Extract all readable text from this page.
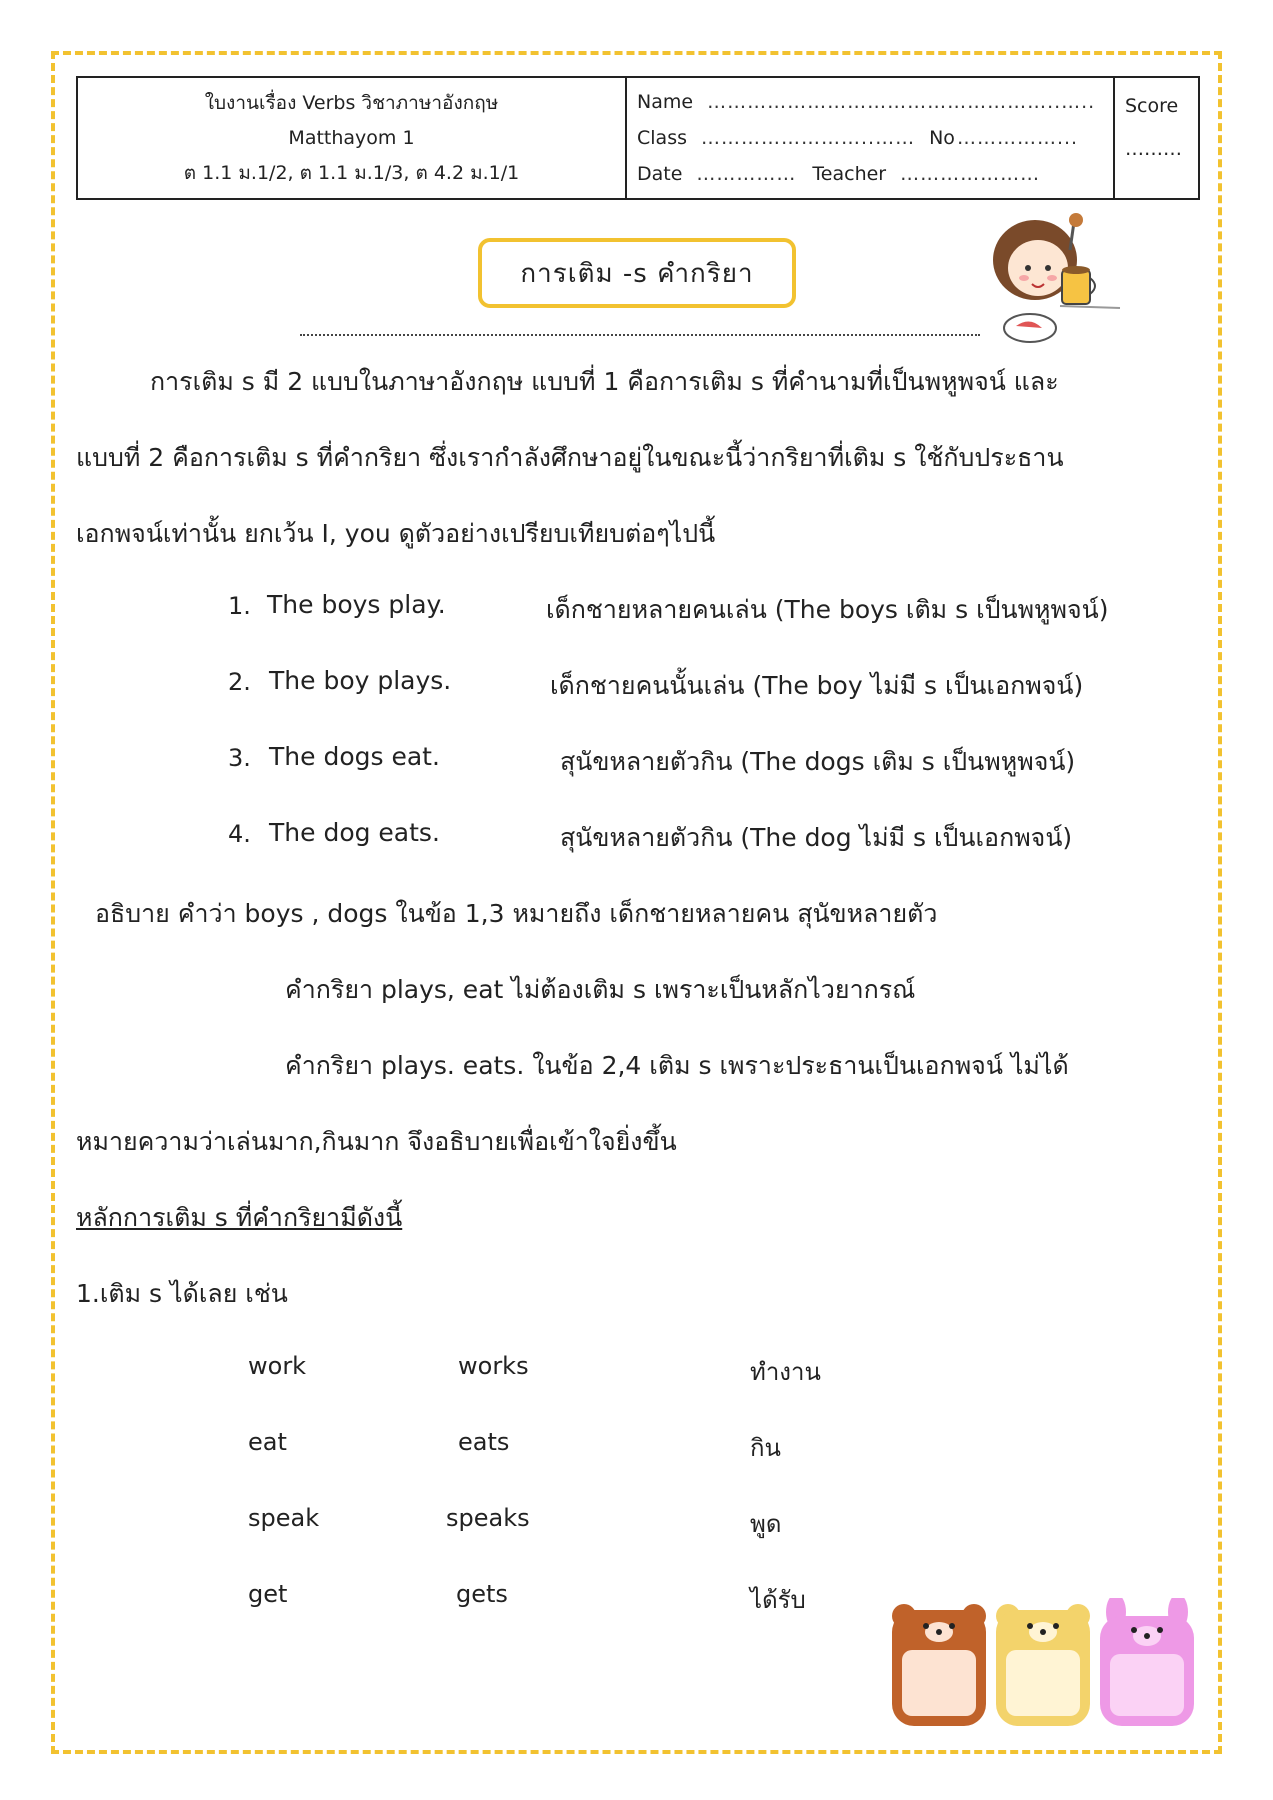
ใบงานเรื่อง Verbs วิชาภาษาอังกฤษ
Matthayom 1
ต 1.1 ม.1/2, ต 1.1 ม.1/3, ต 4.2 ม.1/1
Name ……………………………………………..…..
Class ……………………..…… No ……………...
Date …………… Teacher …………………
Score
………
การเติม -s คำกริยา
การเติม s มี 2 แบบในภาษาอังกฤษ แบบที่ 1 คือการเติม s ที่คำนามที่เป็นพหูพจน์ และ
แบบที่ 2 คือการเติม s ที่คำกริยา ซึ่งเรากำลังศึกษาอยู่ในขณะนี้ว่ากริยาที่เติม s ใช้กับประธาน
เอกพจน์เท่านั้น ยกเว้น I, you ดูตัวอย่างเปรียบเทียบต่อๆไปนี้
1. The boys play.	เด็กชายหลายคนเล่น (The boys เติม s เป็นพหูพจน์)
2. The boy plays.	เด็กชายคนนั้นเล่น (The boy ไม่มี s เป็นเอกพจน์)
3. The dogs eat.	สุนัขหลายตัวกิน (The dogs เติม s เป็นพหูพจน์)
4. The dog eats.	สุนัขหลายตัวกิน (The dog ไม่มี s เป็นเอกพจน์)
อธิบาย คำว่า boys , dogs ในข้อ 1,3 หมายถึง เด็กชายหลายคน สุนัขหลายตัว
คำกริยา plays, eat ไม่ต้องเติม s เพราะเป็นหลักไวยากรณ์
คำกริยา plays. eats. ในข้อ 2,4 เติม s เพราะประธานเป็นเอกพจน์ ไม่ได้
หมายความว่าเล่นมาก,กินมาก จึงอธิบายเพื่อเข้าใจยิ่งขึ้น
หลักการเติม s ที่คำกริยามีดังนี้
1.เติม s ได้เลย เช่น
work	works	ทำงาน
eat	eats	กิน
speak	speaks	พูด
get	gets	ได้รับ
